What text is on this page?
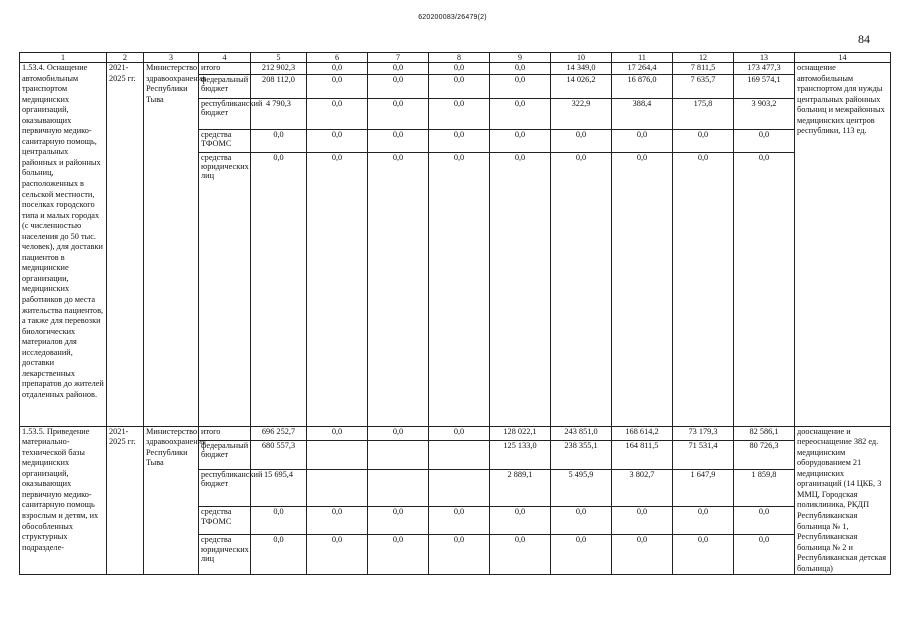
620200083/26479(2)
84
1	2	3	4	5	6	7	8	9	10	11	12	13	14
1.53.4. Оснащение автомобильным транспортом медицинских организаций, оказывающих первичную медико-санитарную помощь, центральных районных и районных больниц, расположенных в сельской местности, поселках городского типа и малых городах (с численностью населения до 50 тыс. человек), для доставки пациентов в медицинские организации, медицинских работников до места жительства пациентов, а также для перевозки биологических материалов для исследований, доставки лекарственных препаратов до жителей отдаленных районов.	2021-2025 гг.	Министерство здравоохранения Республики Тыва	итого	212 902,3	0,0	0,0	0,0	0,0	14 349,0	17 264,4	7 811,5	173 477,3	оснащение автомобильным транспортом для нужды центральных районных больниц и межрайонных медицинских центров республики, 113 ед.
			федеральный бюджет	208 112,0	0,0	0,0	0,0	0,0	14 026,2	16 876,0	7 635,7	169 574,1	
			республиканский бюджет	4 790,3	0,0	0,0	0,0	0,0	322,9	388,4	175,8	3 903,2	
			средства ТФОМС	0,0	0,0	0,0	0,0	0,0	0,0	0,0	0,0	0,0	
			средства юридических лиц	0,0	0,0	0,0	0,0	0,0	0,0	0,0	0,0	0,0	
1.53.5. Приведение материально-технической базы медицинских организаций, оказывающих первичную медико-санитарную помощь взрослым и детям, их обособленных структурных подразделе-	2021-2025 гг.	Министерство здравоохранения Республики Тыва	итого	696 252,7	0,0	0,0	0,0	128 022,1	243 851,0	168 614,2	73 179,3	82 586,1	дооснащение и переоснащение 382 ед. медицинским оборудованием 21 медицинских организаций (14 ЦКБ, 3 ММЦ, Городская поликлиника, РКДП Республиканская больница № 1, Республиканская больница № 2 и Республиканская детская больница)
			федеральный бюджет	680 557,3				125 133,0	238 355,1	164 811,5	71 531,4	80 726,3	
			республиканский бюджет	15 695,4				2 889,1	5 495,9	3 802,7	1 647,9	1 859,8	
			средства ТФОМС	0,0	0,0	0,0	0,0	0,0	0,0	0,0	0,0	0,0	
			средства юридических лиц	0,0	0,0	0,0	0,0	0,0	0,0	0,0	0,0	0,0	
